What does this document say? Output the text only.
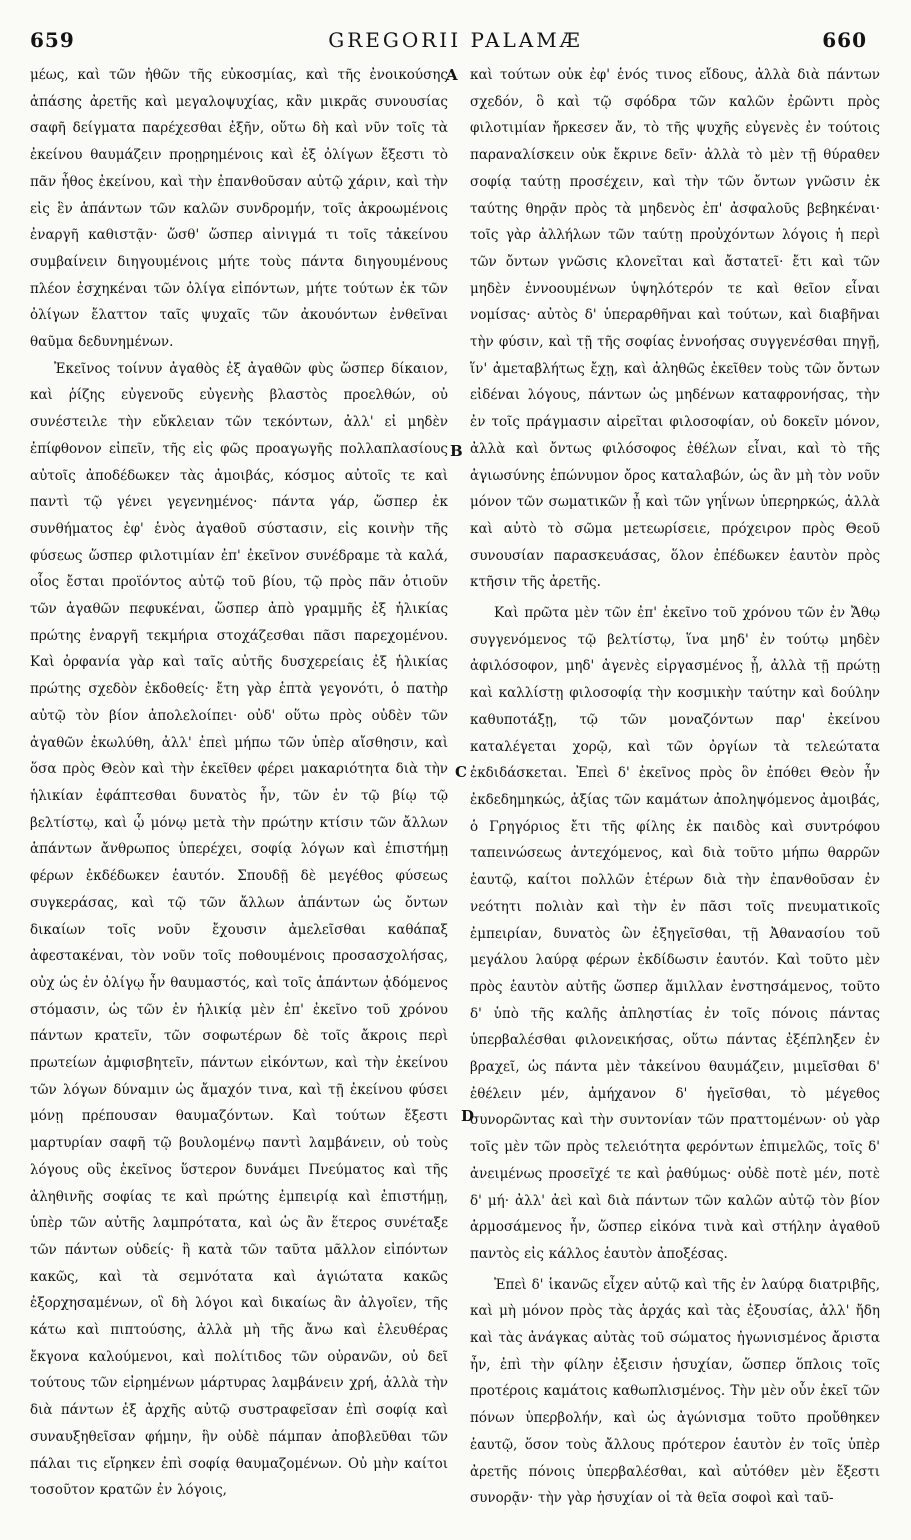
659	GREGORII PALAMÆ	660

μέως, καὶ τῶν ἠθῶν τῆς εὐκοσμίας, καὶ τῆς ἐνοικούσης ἁπάσης ἀρετῆς καὶ μεγαλοψυχίας, κἂν μικρᾶς συνουσίας σαφῆ δείγματα παρέχεσθαι ἐξῆν, οὕτω δὴ καὶ νῦν τοῖς τὰ ἐκείνου θαυμάζειν προῃρημένοις καὶ ἐξ ὀλίγων ἔξεστι τὸ πᾶν ἦθος ἐκείνου, καὶ τὴν ἐπανθοῦσαν αὐτῷ χάριν, καὶ τὴν εἰς ἓν ἁπάντων τῶν καλῶν συνδρομήν, τοῖς ἀκροωμένοις ἐναργῆ καθιστᾷν· ὥσθ' ὥσπερ αἰνιγμά τι τοῖς τἀκείνου συμβαίνειν διηγουμένοις μήτε τοὺς πάντα διηγουμένους πλέον ἐσχηκέναι τῶν ὀλίγα εἰπόντων, μήτε τούτων ἐκ τῶν ὀλίγων ἔλαττον ταῖς ψυχαῖς τῶν ἀκουόντων ἐνθεῖναι θαῦμα δεδυνημένων.

Ἐκεῖνος τοίνυν ἀγαθὸς ἐξ ἀγαθῶν φὺς ὥσπερ δίκαιον, καὶ ῥίζης εὐγενοῦς εὐγενὴς βλαστὸς προελθών, οὐ συνέστειλε τὴν εὔκλειαν τῶν τεκόντων, ἀλλ' εἰ μηδὲν ἐπίφθονον εἰπεῖν, τῆς εἰς φῶς προαγωγῆς πολλαπλασίους αὐτοῖς ἀποδέδωκεν τὰς ἀμοιβάς, κόσμος αὐτοῖς τε καὶ παντὶ τῷ γένει γεγενημένος· πάντα γάρ, ὥσπερ ἐκ συνθήματος ἐφ' ἑνὸς ἀγαθοῦ σύστασιν, εἰς κοινὴν τῆς φύσεως ὥσπερ φιλοτιμίαν ἐπ' ἐκεῖνον συνέδραμε τὰ καλά, οἷος ἔσται προϊόντος αὐτῷ τοῦ βίου, τῷ πρὸς πᾶν ὁτιοῦν τῶν ἀγαθῶν πεφυκέναι, ὥσπερ ἀπὸ γραμμῆς ἐξ ἡλικίας πρώτης ἐναργῆ τεκμήρια στοχάζεσθαι πᾶσι παρεχομένου. Καὶ ὀρφανία γὰρ καὶ ταῖς αὐτῆς δυσχερείαις ἐξ ἡλικίας πρώτης σχεδὸν ἐκδοθείς· ἔτη γὰρ ἑπτὰ γεγονότι, ὁ πατὴρ αὐτῷ τὸν βίον ἀπολελοίπει· οὐδ' οὕτω πρὸς οὐδὲν τῶν ἀγαθῶν ἐκωλύθη, ἀλλ' ἐπεὶ μήπω τῶν ὑπὲρ αἴσθησιν, καὶ ὅσα πρὸς Θεὸν καὶ τὴν ἐκεῖθεν φέρει μακαριότητα διὰ τὴν ἡλικίαν ἐφάπτεσθαι δυνατὸς ἦν, τῶν ἐν τῷ βίῳ τῷ βελτίστῳ, καὶ ᾧ μόνῳ μετὰ τὴν πρώτην κτίσιν τῶν ἄλλων ἁπάντων ἄνθρωπος ὑπερέχει, σοφίᾳ λόγων καὶ ἐπιστήμῃ φέρων ἐκδέδωκεν ἑαυτόν. Σπουδῇ δὲ μεγέθος φύσεως συγκεράσας, καὶ τῷ τῶν ἄλλων ἁπάντων ὡς ὄντων δικαίων τοῖς νοῦν ἔχουσιν ἀμελεῖσθαι καθάπαξ ἀφεστακέναι, τὸν νοῦν τοῖς ποθουμένοις προσασχολήσας, οὐχ ὡς ἐν ὀλίγῳ ἦν θαυμαστός, καὶ τοῖς ἁπάντων ᾀδόμενος στόμασιν, ὡς τῶν ἐν ἡλικίᾳ μὲν ἐπ' ἐκεῖνο τοῦ χρόνου πάντων κρατεῖν, τῶν σοφωτέρων δὲ τοῖς ἄκροις περὶ πρωτείων ἀμφισβητεῖν, πάντων εἰκόντων, καὶ τὴν ἐκείνου τῶν λόγων δύναμιν ὡς ἄμαχόν τινα, καὶ τῇ ἐκείνου φύσει μόνῃ πρέπουσαν θαυμαζόντων. Καὶ τούτων ἔξεστι μαρτυρίαν σαφῆ τῷ βουλομένῳ παντὶ λαμβάνειν, οὐ τοὺς λόγους οὓς ἐκεῖνος ὕστερον δυνάμει Πνεύματος καὶ τῆς ἀληθινῆς σοφίας τε καὶ πρώτης ἐμπειρίᾳ καὶ ἐπιστήμῃ, ὑπὲρ τῶν αὐτῆς λαμπρότατα, καὶ ὡς ἂν ἕτερος συνέταξε τῶν πάντων οὐδείς· ἢ κατὰ τῶν ταῦτα μᾶλλον εἰπόντων κακῶς, καὶ τὰ σεμνότατα καὶ ἁγιώτατα κακῶς ἐξορχησαμένων, οἳ δὴ λόγοι καὶ δικαίως ἂν ἀλγοῖεν, τῆς κάτω καὶ πιπτούσης, ἀλλὰ μὴ τῆς ἄνω καὶ ἐλευθέρας ἔκγονα καλούμενοι, καὶ πολίτιδος τῶν οὐρανῶν, οὐ δεῖ τούτους τῶν εἰρημένων μάρτυρας λαμβάνειν χρή, ἀλλὰ τὴν διὰ πάντων ἐξ ἀρχῆς αὐτῷ συστραφεῖσαν ἐπὶ σοφίᾳ καὶ συναυξηθεῖσαν φήμην, ἣν οὐδὲ πάμπαν ἀποβλεῦθαι τῶν πάλαι τις εἴρηκεν ἐπὶ σοφίᾳ θαυμαζομένων. Οὐ μὴν καίτοι τοσοῦτον κρατῶν ἐν λόγοις,

καὶ τούτων οὐκ ἐφ' ἑνός τινος εἴδους, ἀλλὰ διὰ πάντων σχεδόν, ὃ καὶ τῷ σφόδρα τῶν καλῶν ἐρῶντι πρὸς φιλοτιμίαν ἤρκεσεν ἄν, τὸ τῆς ψυχῆς εὐγενὲς ἐν τούτοις παραναλίσκειν οὐκ ἔκρινε δεῖν· ἀλλὰ τὸ μὲν τῇ θύραθεν σοφίᾳ ταύτῃ προσέχειν, καὶ τὴν τῶν ὄντων γνῶσιν ἐκ ταύτης θηρᾷν πρὸς τὰ μηδενὸς ἐπ' ἀσφαλοῦς βεβηκέναι· τοῖς γὰρ ἀλλήλων τῶν ταύτῃ προὐχόντων λόγοις ἡ περὶ τῶν ὄντων γνῶσις κλονεῖται καὶ ἄστατεῖ· ἔτι καὶ τῶν μηδὲν ἐννοουμένων ὑψηλότερόν τε καὶ θεῖον εἶναι νομίσας· αὐτὸς δ' ὑπεραρθῆναι καὶ τούτων, καὶ διαβῆναι τὴν φύσιν, καὶ τῇ τῆς σοφίας ἐννοήσας συγγενέσθαι πηγῇ, ἵν' ἀμεταβλήτως ἔχῃ, καὶ ἀληθῶς ἐκεῖθεν τοὺς τῶν ὄντων εἰδέναι λόγους, πάντων ὡς μηδένων καταφρονήσας, τὴν ἐν τοῖς πράγμασιν αἱρεῖται φιλοσοφίαν, οὐ δοκεῖν μόνον, ἀλλὰ καὶ ὄντως φιλόσοφος ἐθέλων εἶναι, καὶ τὸ τῆς ἁγιωσύνης ἐπώνυμον ὄρος καταλαβών, ὡς ἂν μὴ τὸν νοῦν μόνον τῶν σωματικῶν ᾖ καὶ τῶν γηΐνων ὑπερηρκώς, ἀλλὰ καὶ αὐτὸ τὸ σῶμα μετεωρίσειε, πρόχειρον πρὸς Θεοῦ συνουσίαν παρασκευάσας, ὅλον ἐπέδωκεν ἑαυτὸν πρὸς κτῆσιν τῆς ἀρετῆς.

Καὶ πρῶτα μὲν τῶν ἐπ' ἐκεῖνο τοῦ χρόνου τῶν ἐν Ἄθῳ συγγενόμενος τῷ βελτίστῳ, ἵνα μηδ' ἐν τούτῳ μηδὲν ἀφιλόσοφον, μηδ' ἀγενὲς εἰργασμένος ᾖ, ἀλλὰ τῇ πρώτῃ καὶ καλλίστῃ φιλοσοφίᾳ τὴν κοσμικὴν ταύτην καὶ δούλην καθυποτάξῃ, τῷ τῶν μοναζόντων παρ' ἐκείνου καταλέγεται χορῷ, καὶ τῶν ὀργίων τὰ τελεώτατα ἐκδιδάσκεται. Ἐπεὶ δ' ἐκεῖνος πρὸς ὃν ἐπόθει Θεὸν ἦν ἐκδεδημηκώς, ἀξίας τῶν καμάτων ἀποληψόμενος ἀμοιβάς, ὁ Γρηγόριος ἔτι τῆς φίλης ἐκ παιδὸς καὶ συντρόφου ταπεινώσεως ἀντεχόμενος, καὶ διὰ τοῦτο μήπω θαρρῶν ἑαυτῷ, καίτοι πολλῶν ἑτέρων διὰ τὴν ἐπανθοῦσαν ἐν νεότητι πολιὰν καὶ τὴν ἐν πᾶσι τοῖς πνευματικοῖς ἐμπειρίαν, δυνατὸς ὢν ἐξηγεῖσθαι, τῇ Ἀθανασίου τοῦ μεγάλου λαύρᾳ φέρων ἐκδίδωσιν ἑαυτόν. Καὶ τοῦτο μὲν πρὸς ἑαυτὸν αὐτῆς ὥσπερ ἅμιλλαν ἐνστησάμενος, τοῦτο δ' ὑπὸ τῆς καλῆς ἀπληστίας ἐν τοῖς πόνοις πάντας ὑπερβαλέσθαι φιλονεικήσας, οὕτω πάντας ἐξέπληξεν ἐν βραχεῖ, ὡς πάντα μὲν τἀκείνου θαυμάζειν, μιμεῖσθαι δ' ἐθέλειν μέν, ἀμήχανον δ' ἡγεῖσθαι, τὸ μέγεθος συνορῶντας καὶ τὴν συντονίαν τῶν πραττομένων· οὐ γὰρ τοῖς μὲν τῶν πρὸς τελειότητα φερόντων ἐπιμελῶς, τοῖς δ' ἀνειμένως προσεῖχέ τε καὶ ῥαθύμως· οὐδὲ ποτὲ μέν, ποτὲ δ' μή· ἀλλ' ἀεὶ καὶ διὰ πάντων τῶν καλῶν αὐτῷ τὸν βίον ἁρμοσάμενος ἦν, ὥσπερ εἰκόνα τινὰ καὶ στήλην ἀγαθοῦ παντὸς εἰς κάλλος ἑαυτὸν ἀποξέσας.

Ἐπεὶ δ' ἱκανῶς εἶχεν αὐτῷ καὶ τῆς ἐν λαύρᾳ διατριβῆς, καὶ μὴ μόνον πρὸς τὰς ἀρχάς καὶ τὰς ἐξουσίας, ἀλλ' ἤδη καὶ τὰς ἀνάγκας αὐτὰς τοῦ σώματος ἠγωνισμένος ἄριστα ἦν, ἐπὶ τὴν φίλην ἐξεισιν ἡσυχίαν, ὥσπερ ὅπλοις τοῖς προτέροις καμάτοις καθωπλισμένος. Τὴν μὲν οὖν ἐκεῖ τῶν πόνων ὑπερβολήν, καὶ ὡς ἀγώνισμα τοῦτο προὔθηκεν ἑαυτῷ, ὅσον τοὺς ἄλλους πρότερον ἑαυτὸν ἐν τοῖς ὑπὲρ ἀρετῆς πόνοις ὑπερβαλέσθαι, καὶ αὐτόθεν μὲν ἔξεστι συνορᾷν· τὴν γὰρ ἡσυχίαν οἱ τὰ θεῖα σοφοὶ καὶ ταῦ-

A
B
C
D
